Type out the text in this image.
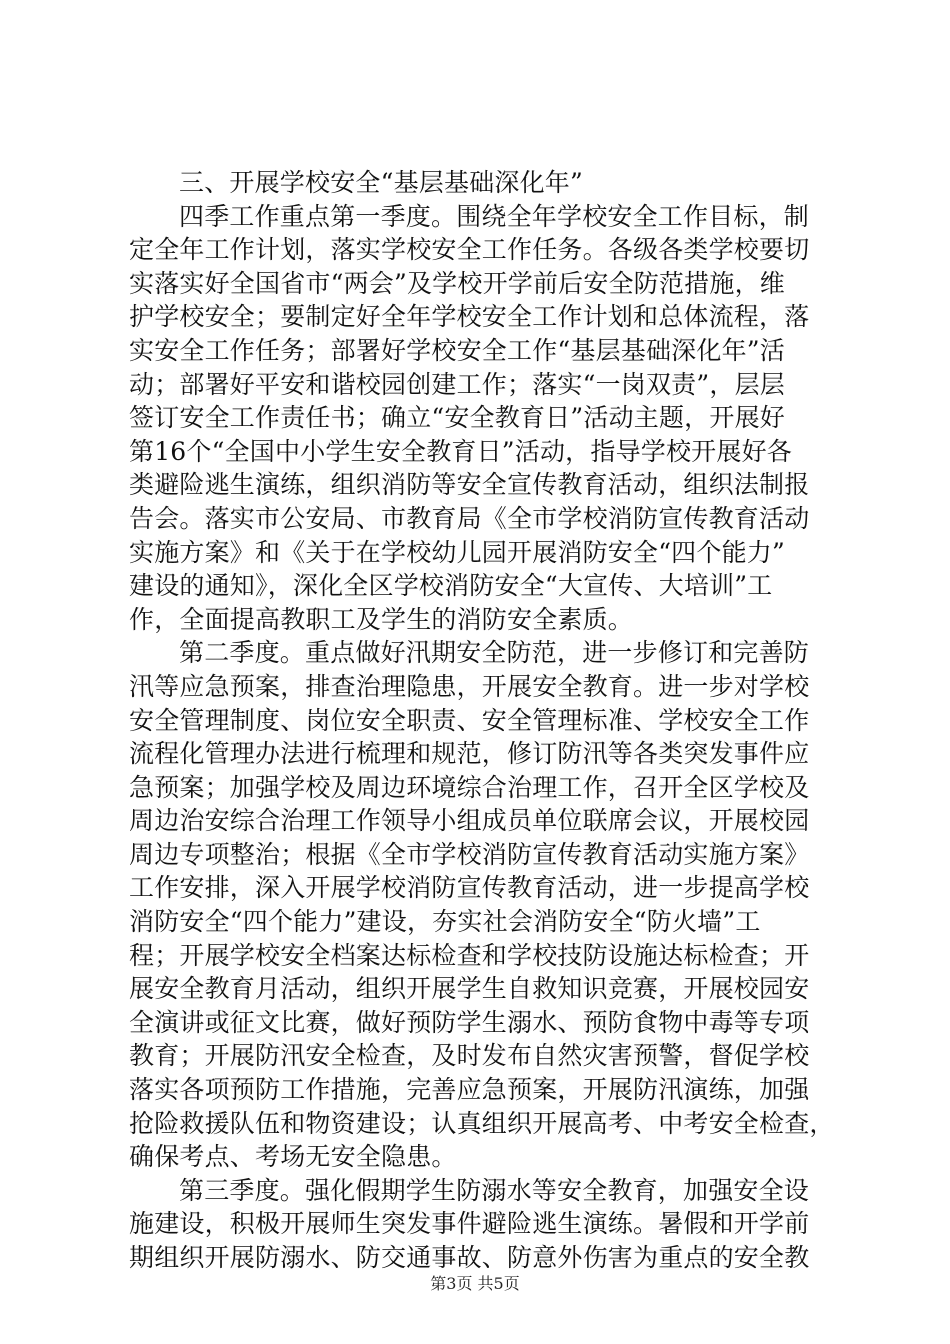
三、开展学校安全“基层基础深化年”
四季工作重点第一季度。围绕全年学校安全工作目标，制
定全年工作计划，落实学校安全工作任务。各级各类学校要切
实落实好全国省市“两会”及学校开学前后安全防范措施，维
护学校安全；要制定好全年学校安全工作计划和总体流程，落
实安全工作任务；部署好学校安全工作“基层基础深化年”活
动；部署好平安和谐校园创建工作；落实“一岗双责”，层层
签订安全工作责任书；确立“安全教育日”活动主题，开展好
第16个“全国中小学生安全教育日”活动，指导学校开展好各
类避险逃生演练，组织消防等安全宣传教育活动，组织法制报
告会。落实市公安局、市教育局《全市学校消防宣传教育活动
实施方案》和《关于在学校幼儿园开展消防安全“四个能力”
建设的通知》，深化全区学校消防安全“大宣传、大培训”工
作，全面提高教职工及学生的消防安全素质。
第二季度。重点做好汛期安全防范，进一步修订和完善防
汛等应急预案，排查治理隐患，开展安全教育。进一步对学校
安全管理制度、岗位安全职责、安全管理标准、学校安全工作
流程化管理办法进行梳理和规范，修订防汛等各类突发事件应
急预案；加强学校及周边环境综合治理工作，召开全区学校及
周边治安综合治理工作领导小组成员单位联席会议，开展校园
周边专项整治；根据《全市学校消防宣传教育活动实施方案》
工作安排，深入开展学校消防宣传教育活动，进一步提高学校
消防安全“四个能力”建设，夯实社会消防安全“防火墙”工
程；开展学校安全档案达标检查和学校技防设施达标检查；开
展安全教育月活动，组织开展学生自救知识竞赛，开展校园安
全演讲或征文比赛，做好预防学生溺水、预防食物中毒等专项
教育；开展防汛安全检查，及时发布自然灾害预警，督促学校
落实各项预防工作措施，完善应急预案，开展防汛演练，加强
抢险救援队伍和物资建设；认真组织开展高考、中考安全检查，
确保考点、考场无安全隐患。
第三季度。强化假期学生防溺水等安全教育，加强安全设
施建设，积极开展师生突发事件避险逃生演练。暑假和开学前
期组织开展防溺水、防交通事故、防意外伤害为重点的安全教
第3页 共5页
